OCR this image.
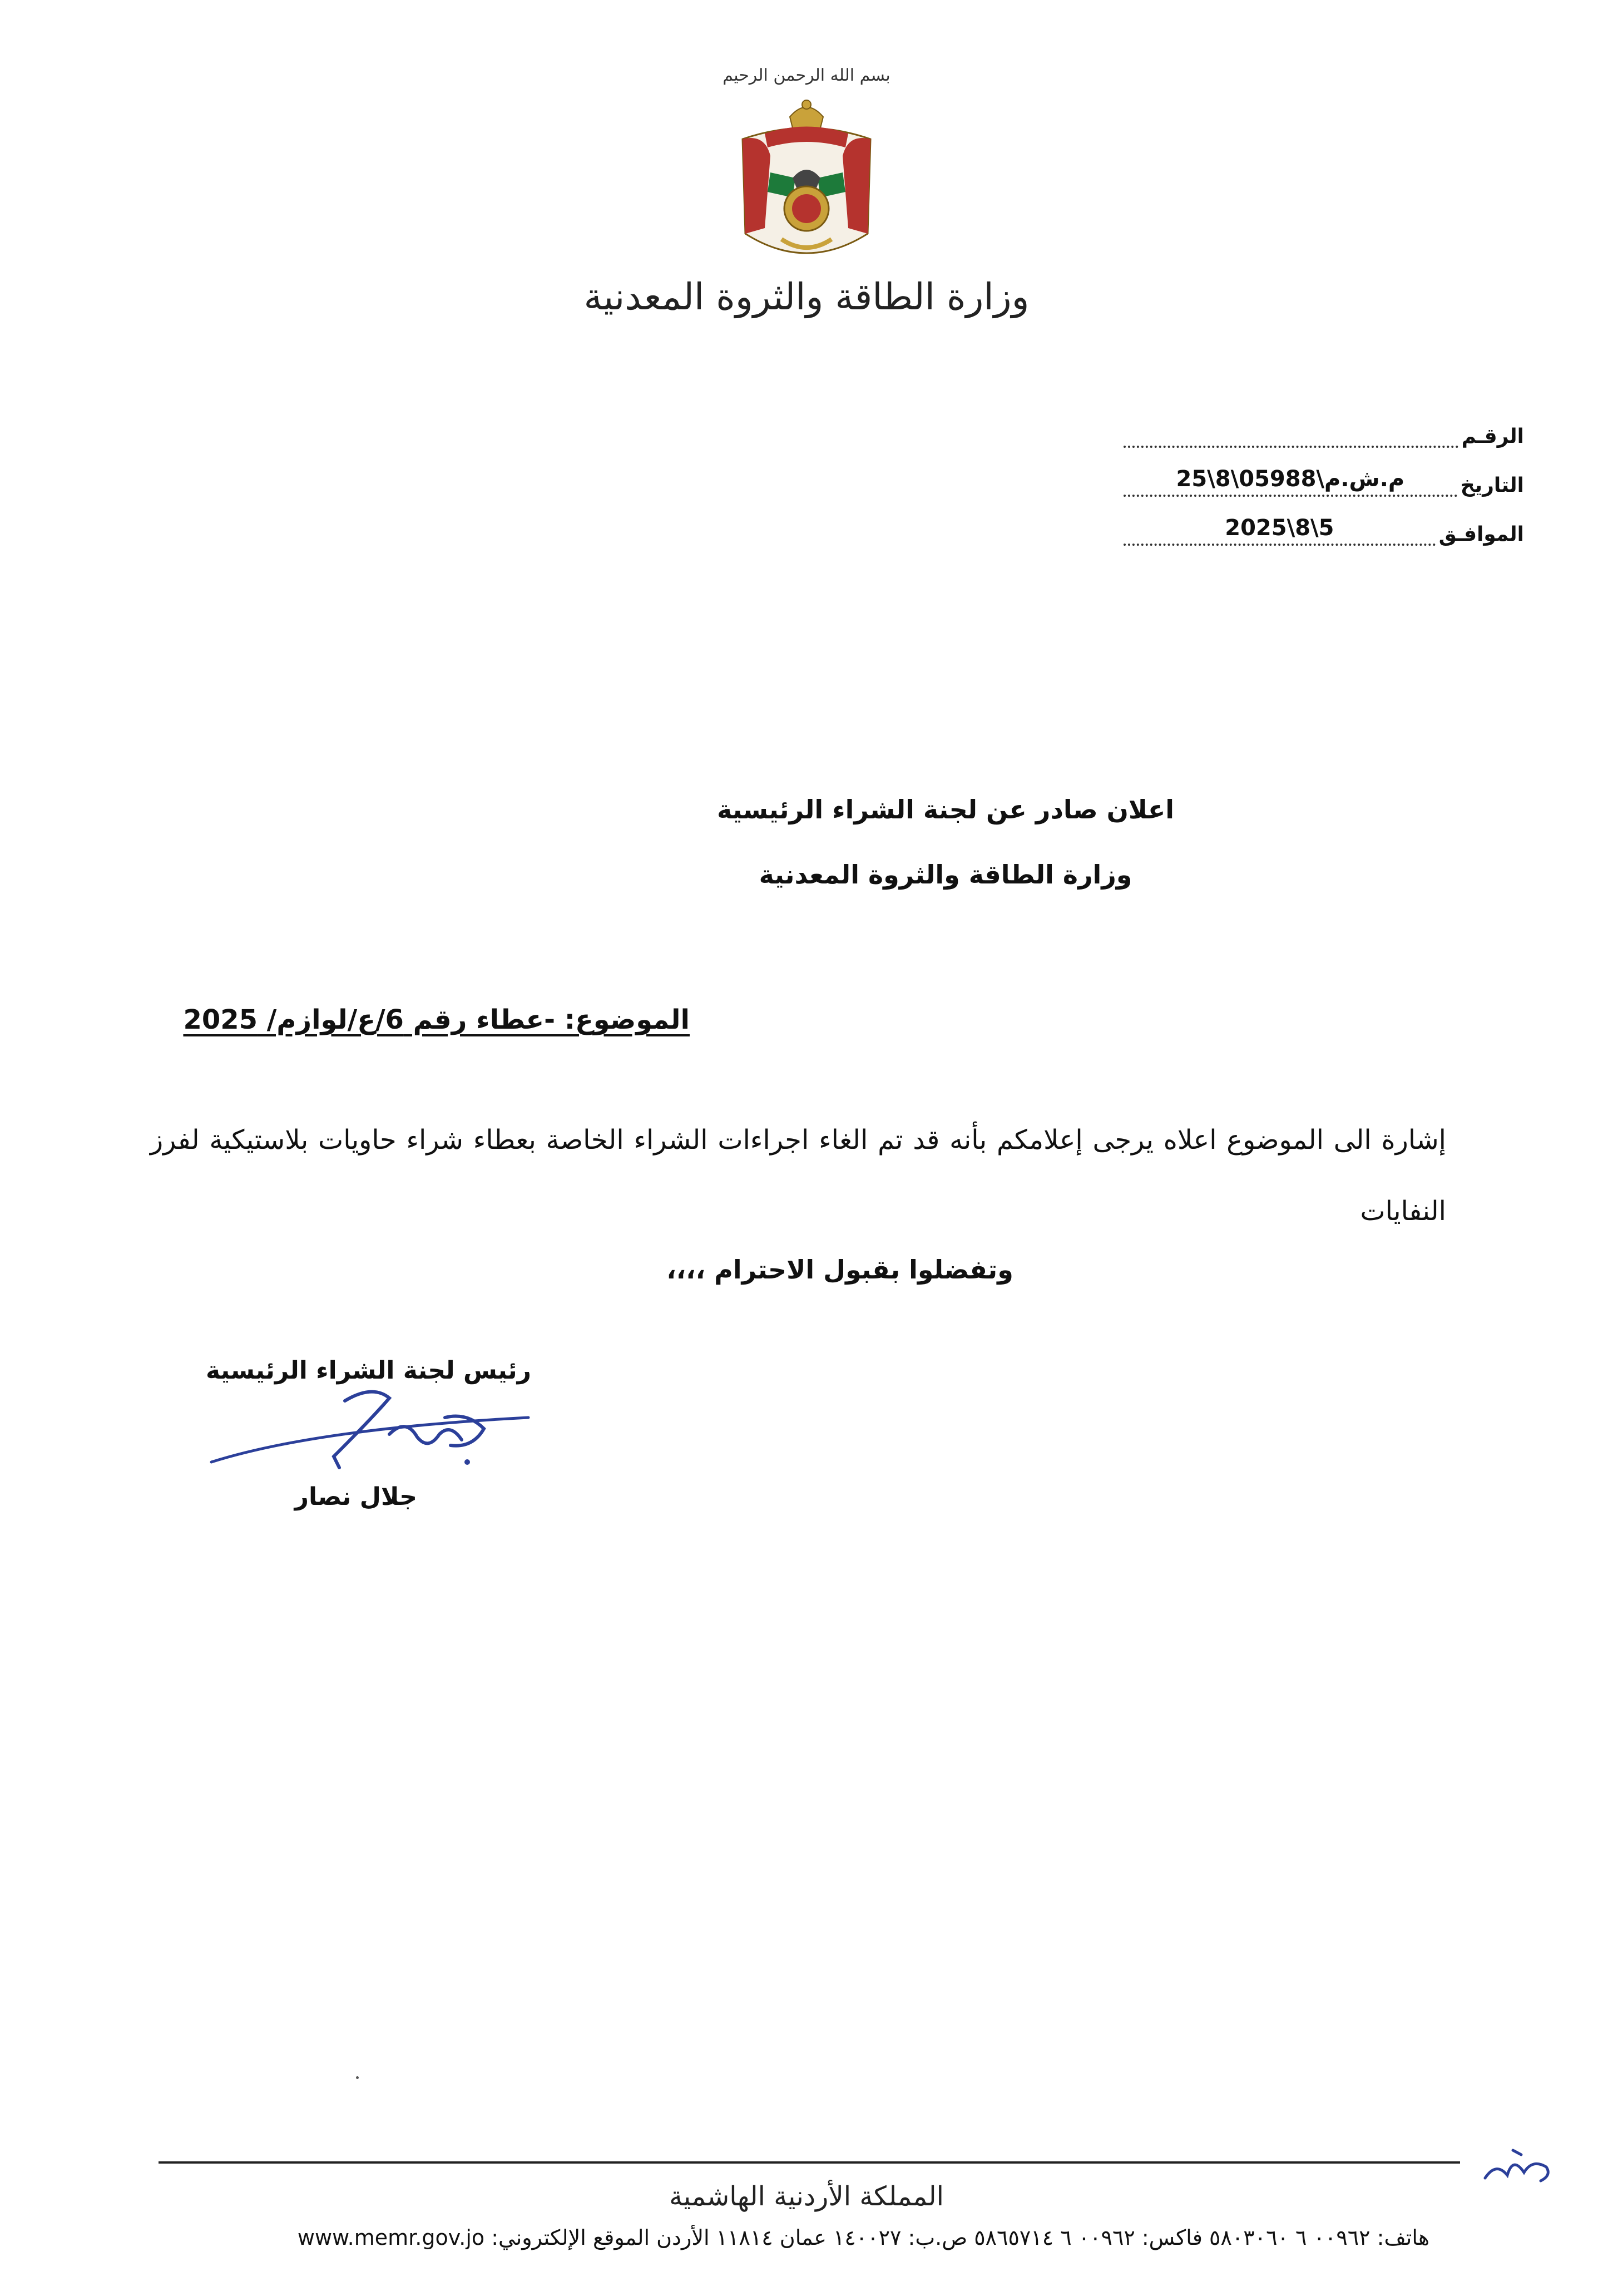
بسم الله الرحمن الرحيم
وزارة الطاقة والثروة المعدنية
الرقـم
التاريخ
م.ش.م\05988\8\25
الموافـق
2025\8\5
اعلان صادر عن لجنة الشراء الرئيسية
وزارة الطاقة والثروة المعدنية
الموضوع: -عطاء رقم 6/ع/لوازم/ 2025
إشارة الى الموضوع اعلاه يرجى إعلامكم بأنه قد تم الغاء اجراءات الشراء الخاصة بعطاء شراء حاويات بلاستيكية لفرز النفايات
وتفضلوا بقبول الاحترام ،،،،
رئيس لجنة الشراء الرئيسية
جلال نصار
المملكة الأردنية الهاشمية
هاتف: ٠٠٩٦٢ ٦ ٥٨٠٣٠٦٠ فاكس: ٠٠٩٦٢ ٦ ٥٨٦٥٧١٤ ص.ب: ١٤٠٠٢٧ عمان ١١٨١٤ الأردن الموقع الإلكتروني: www.memr.gov.jo
